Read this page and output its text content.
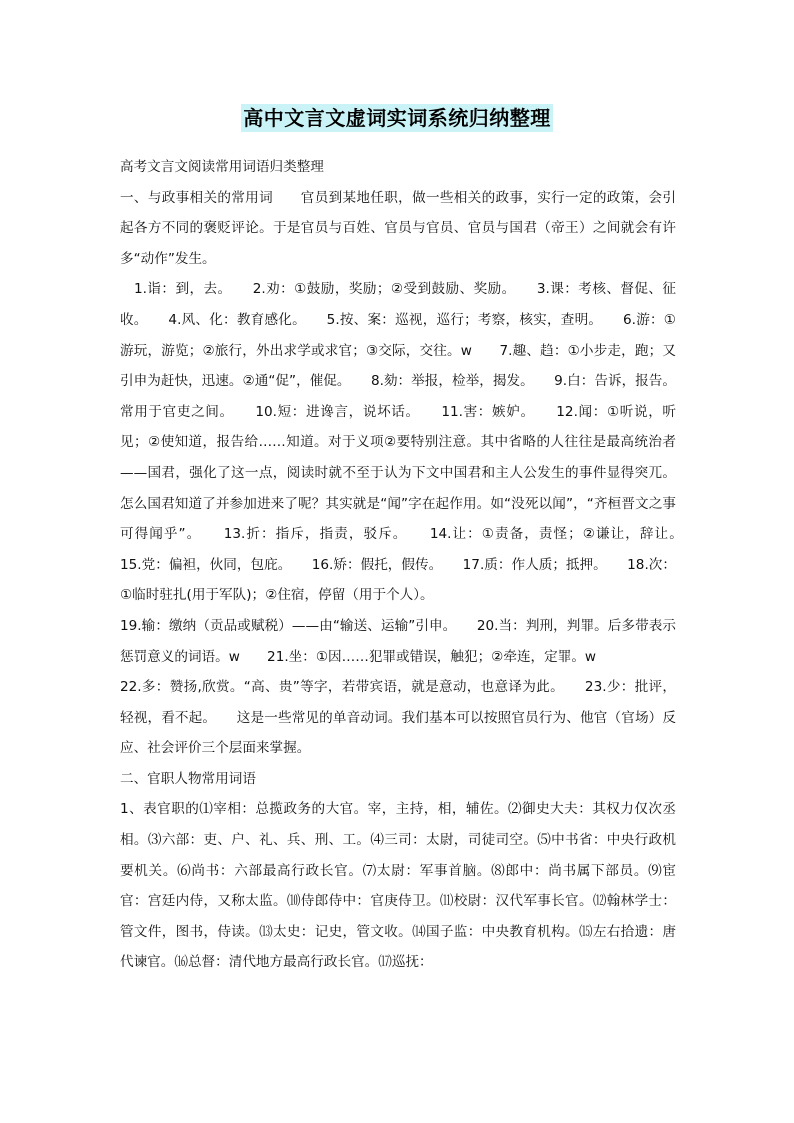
高中文言文虚词实词系统归纳整理

高考文言文阅读常用词语归类整理

一、与政事相关的常用词　　官员到某地任职，做一些相关的政事，实行一定的政策，会引起各方不同的褒贬评论。于是官员与百姓、官员与官员、官员与国君（帝王）之间就会有许多“动作”发生。

　1.诣：到，去。　　2.劝：①鼓励，奖励；②受到鼓励、奖励。　　3.课：考核、督促、征收。　　4.风、化：教育感化。　　5.按、案：巡视，巡行；考察，核实，查明。　　6.游：①游玩，游览；②旅行，外出求学或求官；③交际，交往。w　　7.趣、趋：①小步走，跑；又引申为赶快，迅速。②通“促”，催促。　　8.劾：举报，检举，揭发。　　9.白：告诉，报告。常用于官吏之间。　　10.短：进谗言，说坏话。　　11.害：嫉妒。　　12.闻：①听说，听见；②使知道，报告给……知道。对于义项②要特别注意。其中省略的人往往是最高统治者——国君，强化了这一点，阅读时就不至于认为下文中国君和主人公发生的事件显得突兀。怎么国君知道了并参加进来了呢？其实就是“闻”字在起作用。如“没死以闻”，“齐桓晋文之事可得闻乎”。　　13.折：指斥，指责，驳斥。　　14.让：①责备，责怪；②谦让，辞让。　　15.党：偏袒，伙同，包庇。　　16.矫：假托，假传。　　17.质：作人质；抵押。　　18.次：①临时驻扎(用于军队)；②住宿，停留（用于个人）。

19.输：缴纳（贡品或赋税）——由“输送、运输”引申。　　20.当：判刑，判罪。后多带表示惩罚意义的词语。w　　21.坐：①因……犯罪或错误，触犯；②牵连，定罪。w

22.多：赞扬,欣赏。“高、贵”等字，若带宾语，就是意动，也意译为此。　　23.少：批评，轻视，看不起。　　这是一些常见的单音动词。我们基本可以按照官员行为、他官（官场）反应、社会评价三个层面来掌握。

二、官职人物常用词语

1、表官职的⑴宰相：总揽政务的大官。宰，主持，相，辅佐。⑵御史大夫：其权力仅次丞相。⑶六部：吏、户、礼、兵、刑、工。⑷三司：太尉，司徒司空。⑸中书省：中央行政机要机关。⑹尚书：六部最高行政长官。⑺太尉：军事首脑。⑻郎中：尚书属下部员。⑼宦官：宫廷内侍，又称太监。⑽侍郎侍中：官庚侍卫。⑾校尉：汉代军事长官。⑿翰林学士：管文件，图书，侍读。⒀太史：记史，管文收。⒁国子监：中央教育机构。⒂左右拾遗：唐代谏官。⒃总督：清代地方最高行政长官。⒄巡抚：
